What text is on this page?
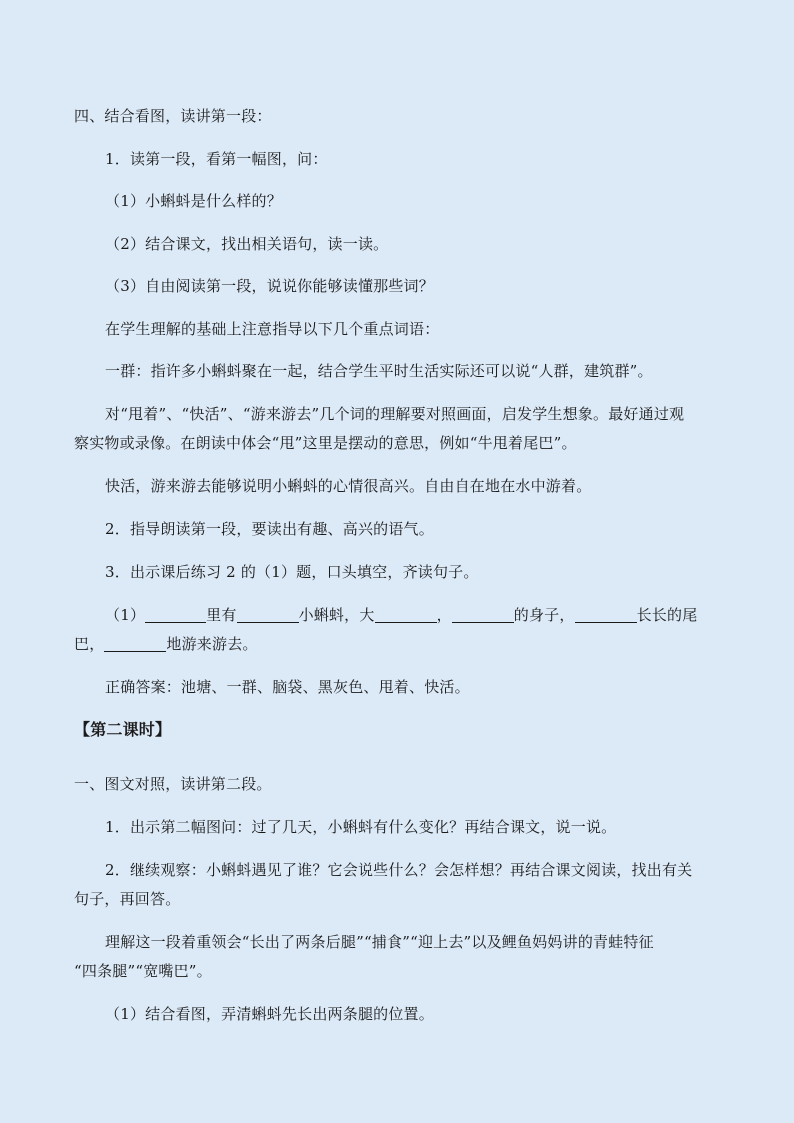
四、结合看图，读讲第一段：
1．读第一段，看第一幅图，问：
（1）小蝌蚪是什么样的？
（2）结合课文，找出相关语句，读一读。
（3）自由阅读第一段，说说你能够读懂那些词？
在学生理解的基础上注意指导以下几个重点词语：
一群：指许多小蝌蚪聚在一起，结合学生平时生活实际还可以说“人群，建筑群”。
对“甩着”、“快活”、“游来游去”几个词的理解要对照画面，启发学生想象。最好通过观
察实物或录像。在朗读中体会“甩”这里是摆动的意思，例如“牛甩着尾巴”。
快活，游来游去能够说明小蝌蚪的心情很高兴。自由自在地在水中游着。
2．指导朗读第一段，要读出有趣、高兴的语气。
3．出示课后练习 2 的（1）题，口头填空，齐读句子。
（1）	里有	小蝌蚪，大	，	的身子，	长长的尾
巴，	地游来游去。
正确答案：池塘、一群、脑袋、黑灰色、甩着、快活。
【第二课时】
一、图文对照，读讲第二段。
1．出示第二幅图问：过了几天，小蝌蚪有什么变化？再结合课文，说一说。
2．继续观察：小蝌蚪遇见了谁？它会说些什么？会怎样想？再结合课文阅读，找出有关
句子，再回答。
理解这一段着重领会“长出了两条后腿”“捕食”“迎上去”以及鲤鱼妈妈讲的青蛙特征
“四条腿”“宽嘴巴”。
（1）结合看图，弄清蝌蚪先长出两条腿的位置。
